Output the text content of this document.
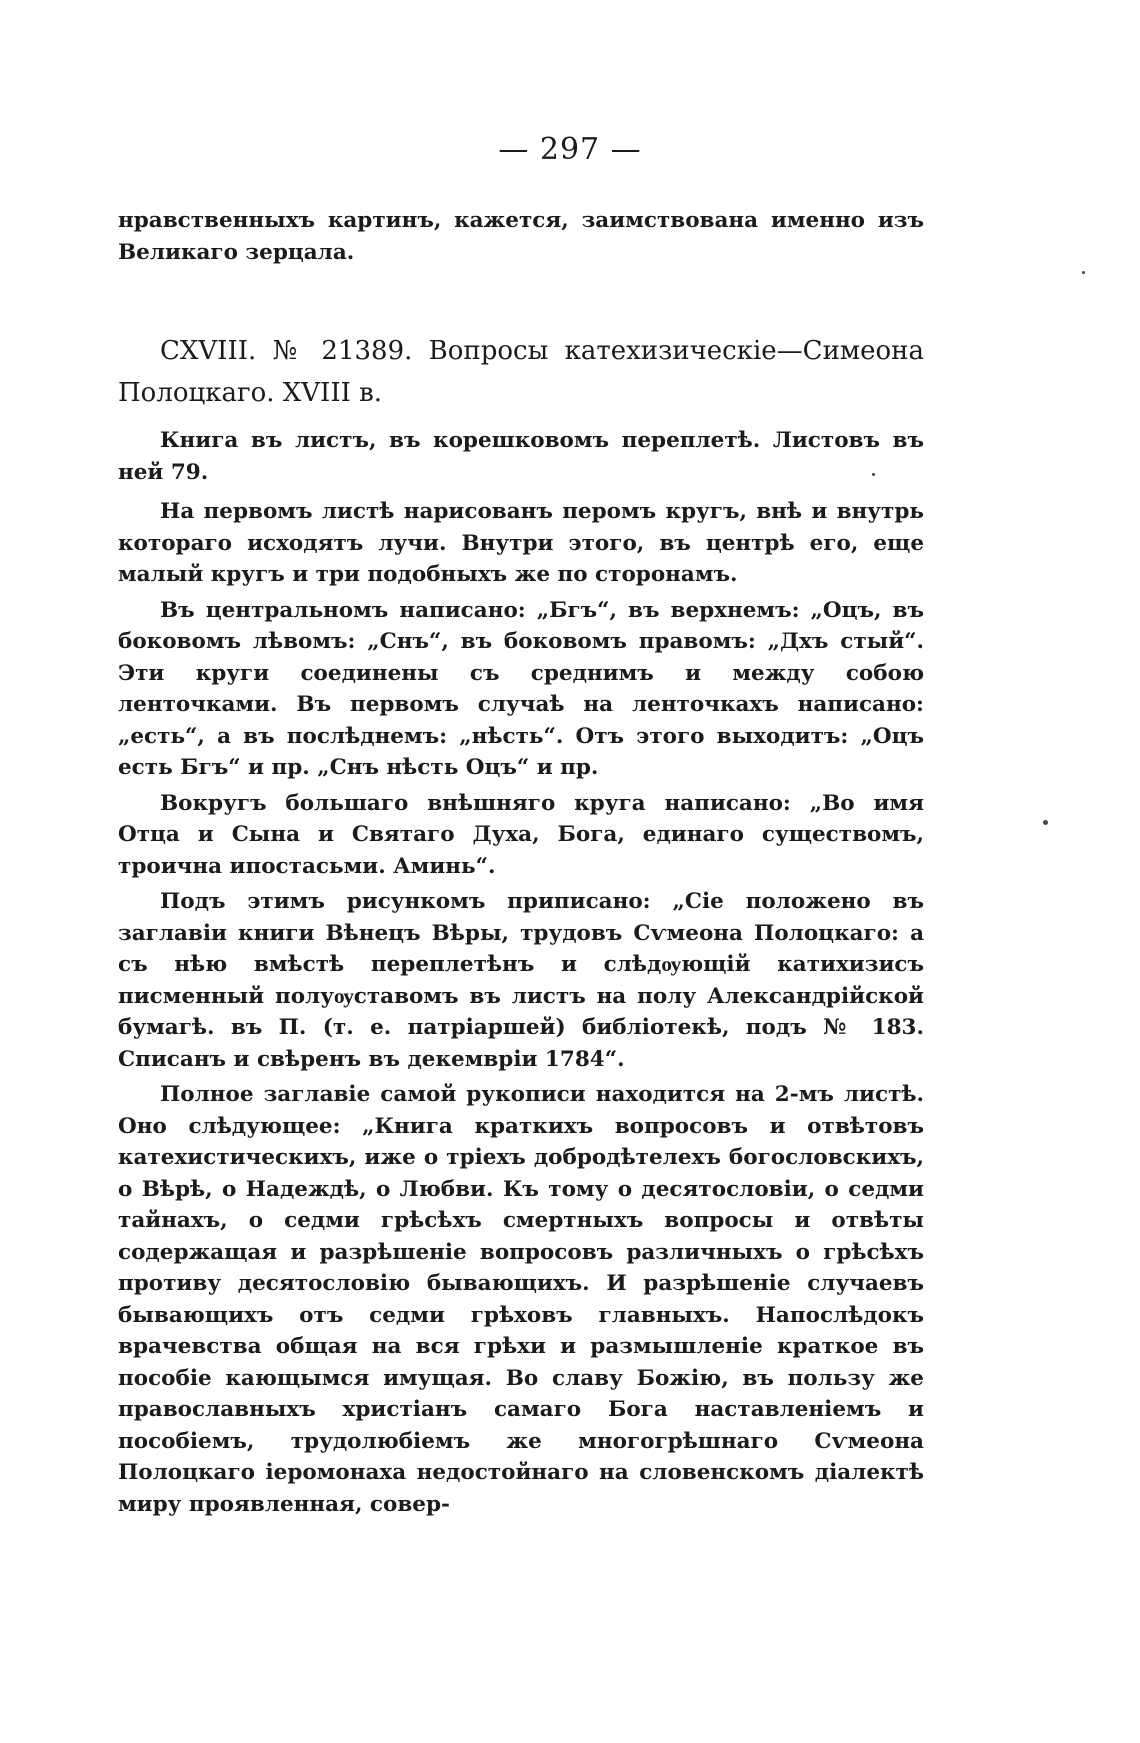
— 297 —

нравственныхъ картинъ, кажется, заимствована именно изъ Великаго зерцала.

CXVIII. № 21389. Вопросы катехизическіе—Симеона Полоцкаго. XVIII в.

Книга въ листъ, въ корешковомъ переплетѣ. Листовъ въ ней 79.

На первомъ листѣ нарисованъ перомъ кругъ, внѣ и внутрь котораго исходятъ лучи. Внутри этого, въ центрѣ его, еще малый кругъ и три подобныхъ же по сторонамъ.

Въ центральномъ написано: „Бгъ“, въ верхнемъ: „Оцъ, въ боковомъ лѣвомъ: „Снъ“, въ боковомъ правомъ: „Дхъ стый“. Эти круги соединены съ среднимъ и между собою ленточками. Въ первомъ случаѣ на ленточкахъ написано: „есть“, а въ послѣднемъ: „нѣсть“. Отъ этого выходитъ: „Оцъ есть Бгъ“ и пр. „Снъ нѣсть Оцъ“ и пр.

Вокругъ большаго внѣшняго круга написано: „Во имя Отца и Сына и Святаго Духа, Бога, единаго существомъ, троична ипостасьми. Аминь“.

Подъ этимъ рисункомъ приписано: „Сіе положено въ заглавіи книги Вѣнецъ Вѣры, трудовъ Сѵмеона Полоцкаго: а съ нѣю вмѣстѣ переплетѣнъ и слѣдѹющій катихизисъ писменный полуѹставомъ въ листъ на полу Александрійской бумагѣ. въ П. (т. е. патріаршей) библіотекѣ, подъ № 183. Списанъ и свѣренъ въ декемвріи 1784“.

Полное заглавіе самой рукописи находится на 2-мъ листѣ. Оно слѣдующее: „Книга краткихъ вопросовъ и отвѣтовъ катехистическихъ, иже о тріехъ добродѣтелехъ богословскихъ, о Вѣрѣ, о Надеждѣ, о Любви. Къ тому о десятословіи, о седми тайнахъ, о седми грѣсѣхъ смертныхъ вопросы и отвѣты содержащая и разрѣшеніе вопросовъ различныхъ о грѣсѣхъ противу десятословію бывающихъ. И разрѣшеніе случаевъ бывающихъ отъ седми грѣховъ главныхъ. Напослѣдокъ врачевства общая на вся грѣхи и размышленіе краткое въ пособіе кающымся имущая. Во славу Божію, въ пользу же православныхъ христіанъ самаго Бога наставленіемъ и пособіемъ, трудолюбіемъ же многогрѣшнаго Сѵмеона Полоцкаго іеромонаха недостойнаго на словенскомъ діалектѣ миру проявленная, совер-
